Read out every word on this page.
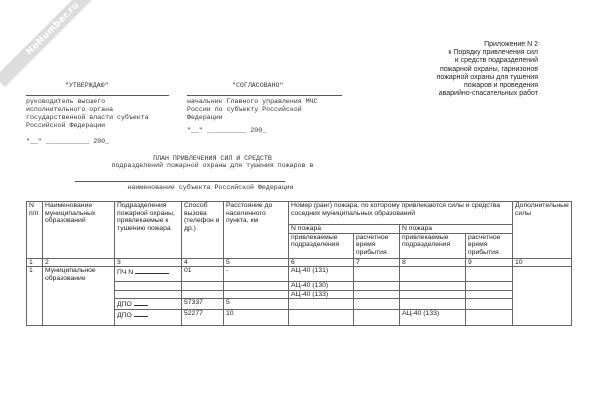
NoNumber.ru	Приложение N 2
к Порядку привлечения сил
и средств подразделений
пожарной охраны, гарнизонов
пожарной охраны для тушения
пожаров и проведения
аварийно-спасательных работ
"УТВЕРЖДАЮ"
руководитель высшего
исполнительного органа
государственной власти субъекта
Российской Федерации
"__" ___________ 200_
"СОГЛАСОВАНО"
начальник Главного управления МЧС
России по субъекту Российской
Федерации
"__" __________ 200_
ПЛАН ПРИВЛЕЧЕНИЯ СИЛ И СРЕДСТВ
подразделений пожарной охраны для тушения пожаров в
наименование субъекта Российской Федерации
N п/п	Наименование муниципальных образований	Подразделения пожарной охраны, привлекаемые к тушению пожара	Способ вызова (телефон и др.)	Расстояние до населенного пункта, км	Номер (ранг) пожара, по которому привлекаются силы и средства соседних муниципальных образований				Дополнительные силы
					N пожара		N пожара		
					привлекаемые подразделения	расчетное время прибытия	привлекаемые подразделения	расчетное время прибытия	
1	2	3	4	5	6	7	8	9	10
1	Муниципальное образование	ПЧ N	01	-	АЦ-40 (131)				
					АЦ-40 (130)				
					АЦ-40 (133)				
		ДПО	57337	5					
		ДПО	52277	10			АЦ-40 (133)		
